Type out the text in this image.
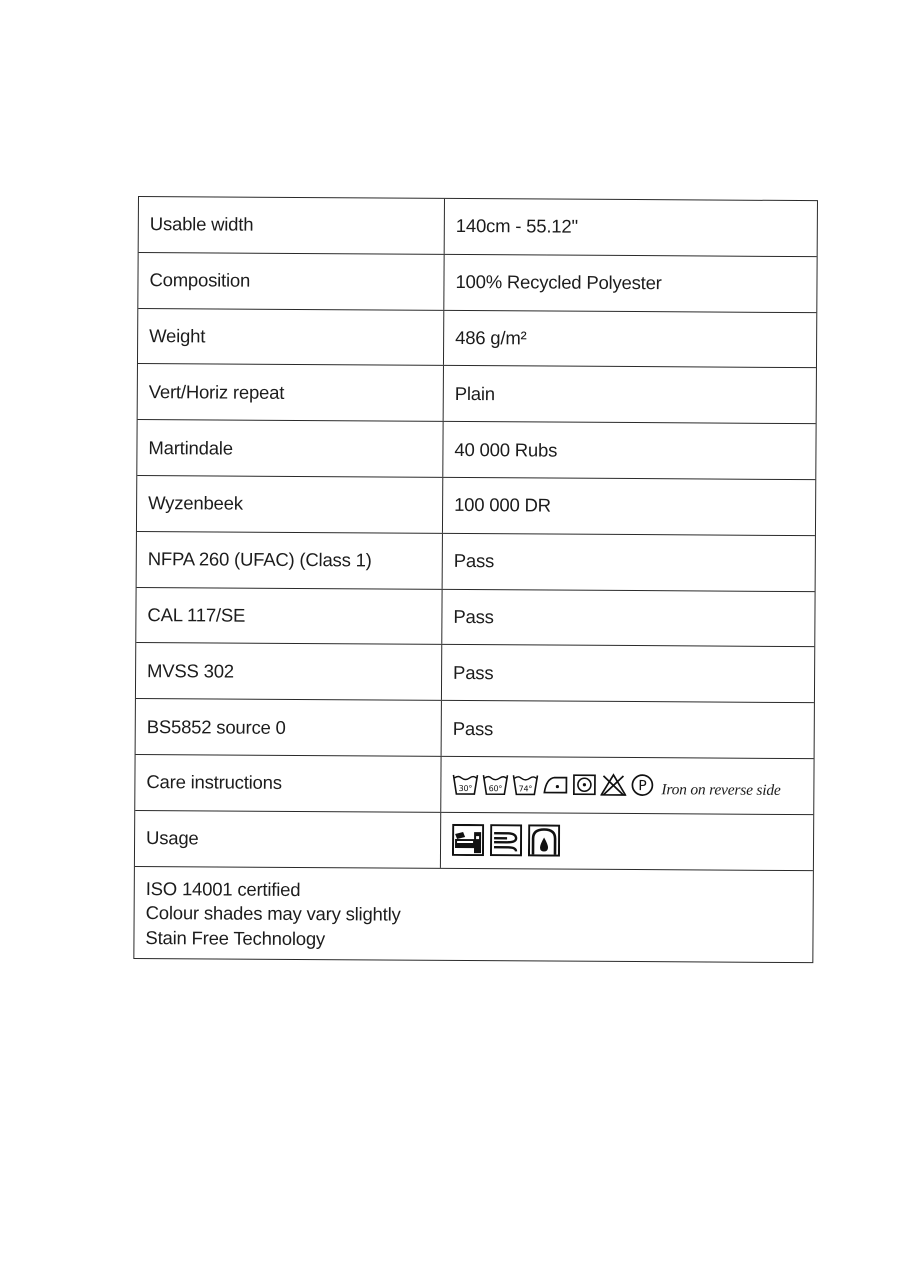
Usable width	140cm - 55.12"
Composition	100% Recycled Polyester
Weight	486 g/m²
Vert/Horiz repeat	Plain
Martindale	40 000 Rubs
Wyzenbeek	100 000 DR
NFPA 260 (UFAC) (Class 1)	Pass
CAL 117/SE	Pass
MVSS 302	Pass
BS5852 source 0	Pass
Care instructions	30° 60° 74°	P Iron on reverse side
Usage
ISO 14001 certified
Colour shades may vary slightly
Stain Free Technology
